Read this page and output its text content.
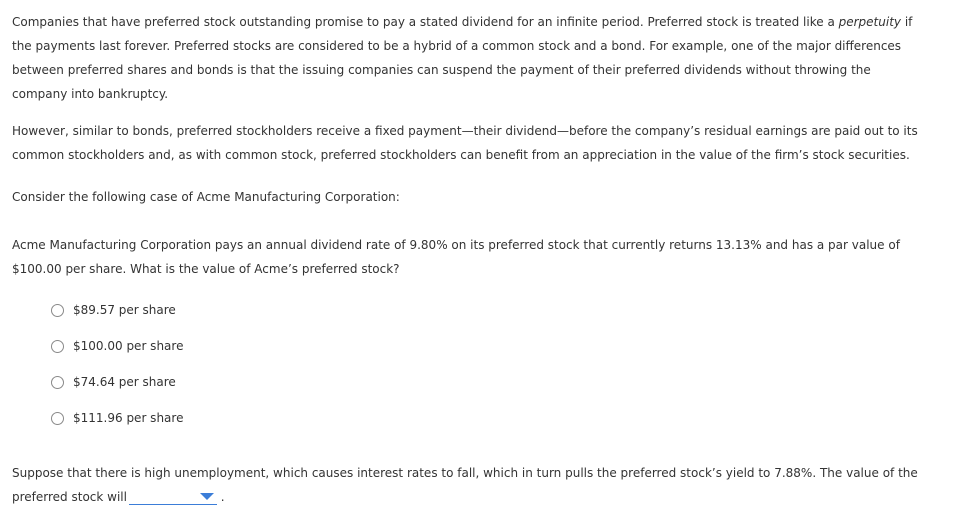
Companies that have preferred stock outstanding promise to pay a stated dividend for an infinite period. Preferred stock is treated like a perpetuity if
the payments last forever. Preferred stocks are considered to be a hybrid of a common stock and a bond. For example, one of the major differences
between preferred shares and bonds is that the issuing companies can suspend the payment of their preferred dividends without throwing the
company into bankruptcy.

However, similar to bonds, preferred stockholders receive a fixed payment—their dividend—before the company’s residual earnings are paid out to its
common stockholders and, as with common stock, preferred stockholders can benefit from an appreciation in the value of the firm’s stock securities.

Consider the following case of Acme Manufacturing Corporation:

Acme Manufacturing Corporation pays an annual dividend rate of 9.80% on its preferred stock that currently returns 13.13% and has a par value of
$100.00 per share. What is the value of Acme’s preferred stock?

$89.57 per share
$100.00 per share
$74.64 per share
$111.96 per share

Suppose that there is high unemployment, which causes interest rates to fall, which in turn pulls the preferred stock’s yield to 7.88%. The value of the
preferred stock will	.
